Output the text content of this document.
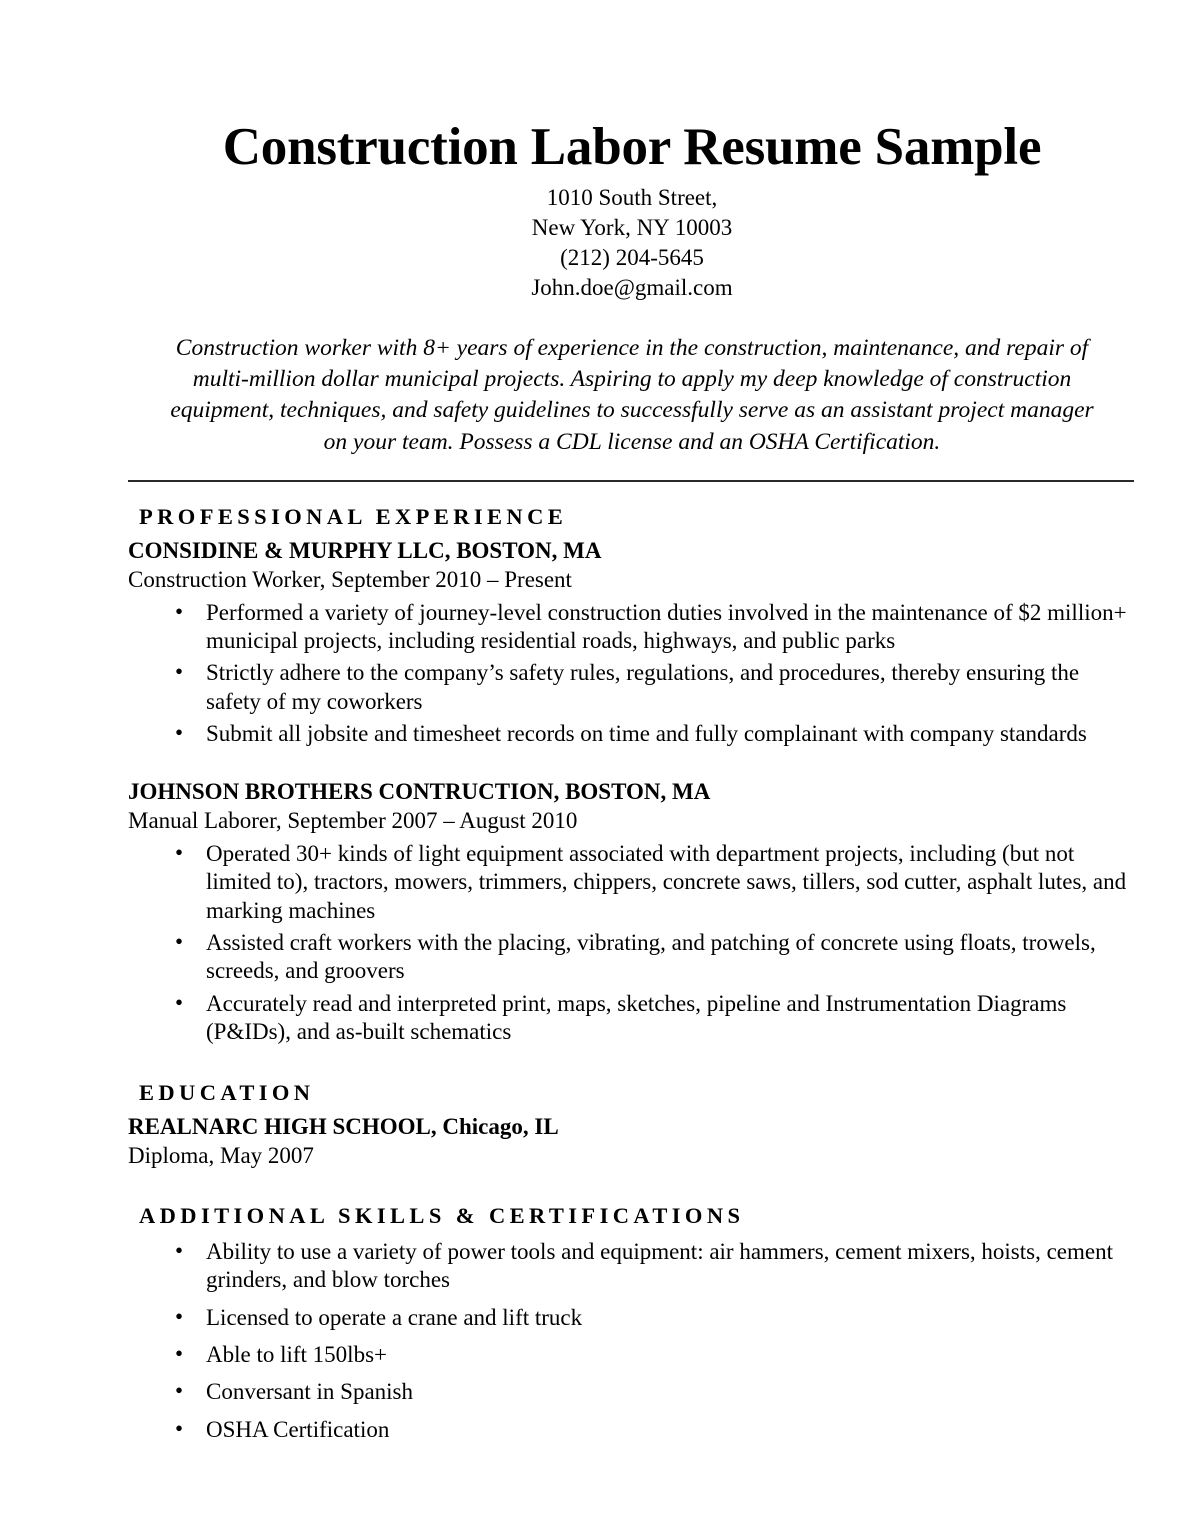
Construction Labor Resume Sample
1010 South Street,
New York, NY 10003
(212) 204-5645
John.doe@gmail.com

Construction worker with 8+ years of experience in the construction, maintenance, and repair of multi-million dollar municipal projects. Aspiring to apply my deep knowledge of construction equipment, techniques, and safety guidelines to successfully serve as an assistant project manager on your team. Possess a CDL license and an OSHA Certification.

PROFESSIONAL EXPERIENCE
CONSIDINE & MURPHY LLC, BOSTON, MA
Construction Worker, September 2010 – Present
• Performed a variety of journey-level construction duties involved in the maintenance of $2 million+ municipal projects, including residential roads, highways, and public parks
• Strictly adhere to the company’s safety rules, regulations, and procedures, thereby ensuring the safety of my coworkers
• Submit all jobsite and timesheet records on time and fully complainant with company standards
JOHNSON BROTHERS CONTRUCTION, BOSTON, MA
Manual Laborer, September 2007 – August 2010
• Operated 30+ kinds of light equipment associated with department projects, including (but not limited to), tractors, mowers, trimmers, chippers, concrete saws, tillers, sod cutter, asphalt lutes, and marking machines
• Assisted craft workers with the placing, vibrating, and patching of concrete using floats, trowels, screeds, and groovers
• Accurately read and interpreted print, maps, sketches, pipeline and Instrumentation Diagrams (P&IDs), and as-built schematics
EDUCATION
REALNARC HIGH SCHOOL, Chicago, IL
Diploma, May 2007
ADDITIONAL SKILLS & CERTIFICATIONS
• Ability to use a variety of power tools and equipment: air hammers, cement mixers, hoists, cement grinders, and blow torches
• Licensed to operate a crane and lift truck
• Able to lift 150lbs+
• Conversant in Spanish
• OSHA Certification
